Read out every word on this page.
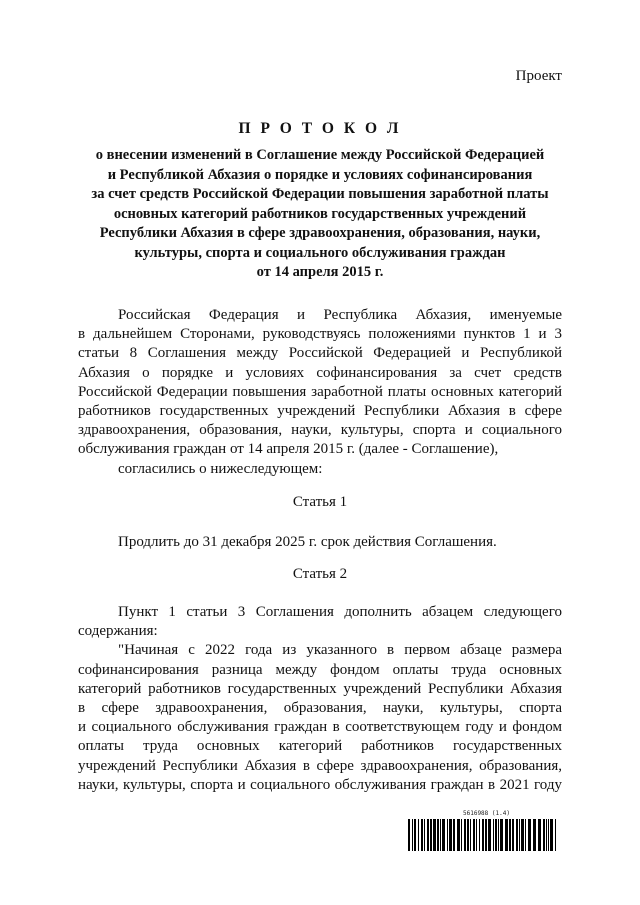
Проект
П Р О Т О К О Л
о внесении изменений в Соглашение между Российской Федерацией
и Республикой Абхазия о порядке и условиях софинансирования
за счет средств Российской Федерации повышения заработной платы
основных категорий работников государственных учреждений
Республики Абхазия в сфере здравоохранения, образования, науки,
культуры, спорта и социального обслуживания граждан
от 14 апреля 2015 г.
Российская Федерация и Республика Абхазия, именуемые
в дальнейшем Сторонами, руководствуясь положениями пунктов 1 и 3
статьи 8 Соглашения между Российской Федерацией и Республикой
Абхазия о порядке и условиях софинансирования за счет средств
Российской Федерации повышения заработной платы основных категорий
работников государственных учреждений Республики Абхазия в сфере
здравоохранения, образования, науки, культуры, спорта и социального
обслуживания граждан от 14 апреля 2015 г. (далее - Соглашение),
согласились о нижеследующем:
Статья 1
Продлить до 31 декабря 2025 г. срок действия Соглашения.
Статья 2
Пункт 1 статьи 3 Соглашения дополнить абзацем следующего
содержания:
"Начиная с 2022 года из указанного в первом абзаце размера
софинансирования разница между фондом оплаты труда основных
категорий работников государственных учреждений Республики Абхазия
в сфере здравоохранения, образования, науки, культуры, спорта
и социального обслуживания граждан в соответствующем году и фондом
оплаты труда основных категорий работников государственных
учреждений Республики Абхазия в сфере здравоохранения, образования,
науки, культуры, спорта и социального обслуживания граждан в 2021 году
5616988 (1.4)
